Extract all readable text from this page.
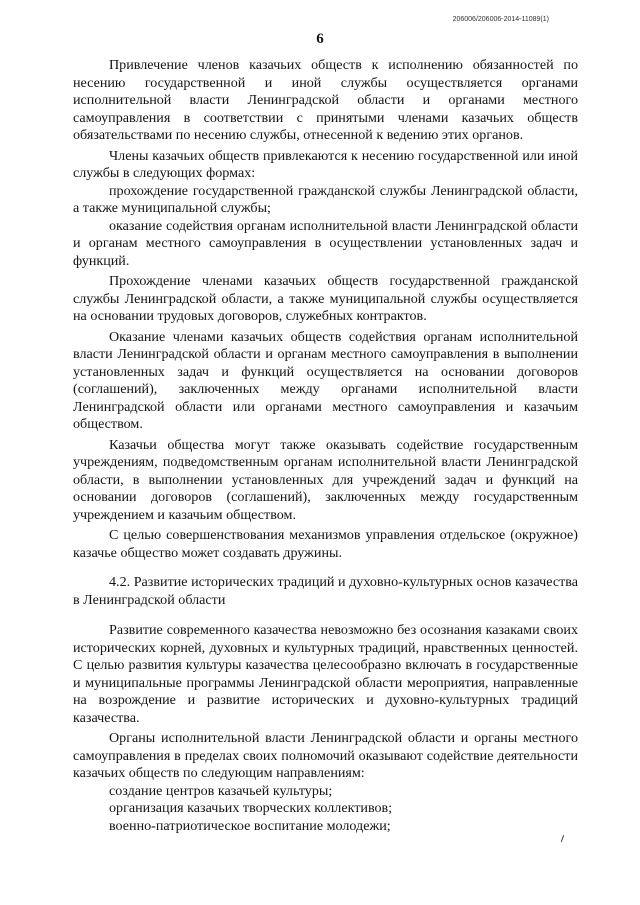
206006/206006-2014-11089(1)
6

Привлечение членов казачьих обществ к исполнению обязанностей по несению государственной и иной службы осуществляется органами исполнительной власти Ленинградской области и органами местного самоуправления в соответствии с принятыми членами казачьих обществ обязательствами по несению службы, отнесенной к ведению этих органов.

Члены казачьих обществ привлекаются к несению государственной или иной службы в следующих формах:

прохождение государственной гражданской службы Ленинградской области, а также муниципальной службы;

оказание содействия органам исполнительной власти Ленинградской области и органам местного самоуправления в осуществлении установленных задач и функций.

Прохождение членами казачьих обществ государственной гражданской службы Ленинградской области, а также муниципальной службы осуществляется на основании трудовых договоров, служебных контрактов.

Оказание членами казачьих обществ содействия органам исполнительной власти Ленинградской области и органам местного самоуправления в выполнении установленных задач и функций осуществляется на основании договоров (соглашений), заключенных между органами исполнительной власти Ленинградской области или органами местного самоуправления и казачьим обществом.

Казачьи общества могут также оказывать содействие государственным учреждениям, подведомственным органам исполнительной власти Ленинградской области, в выполнении установленных для учреждений задач и функций на основании договоров (соглашений), заключенных между государственным учреждением и казачьим обществом.

С целью совершенствования механизмов управления отдельское (окружное) казачье общество может создавать дружины.

4.2. Развитие исторических традиций и духовно-культурных основ казачества в Ленинградской области

Развитие современного казачества невозможно без осознания казаками своих исторических корней, духовных и культурных традиций, нравственных ценностей. С целью развития культуры казачества целесообразно включать в государственные и муниципальные программы Ленинградской области мероприятия, направленные на возрождение и развитие исторических и духовно-культурных традиций казачества.

Органы исполнительной власти Ленинградской области и органы местного самоуправления в пределах своих полномочий оказывают содействие деятельности казачьих обществ по следующим направлениям:

создание центров казачьей культуры;
организация казачьих творческих коллективов;
военно-патриотическое воспитание молодежи;
